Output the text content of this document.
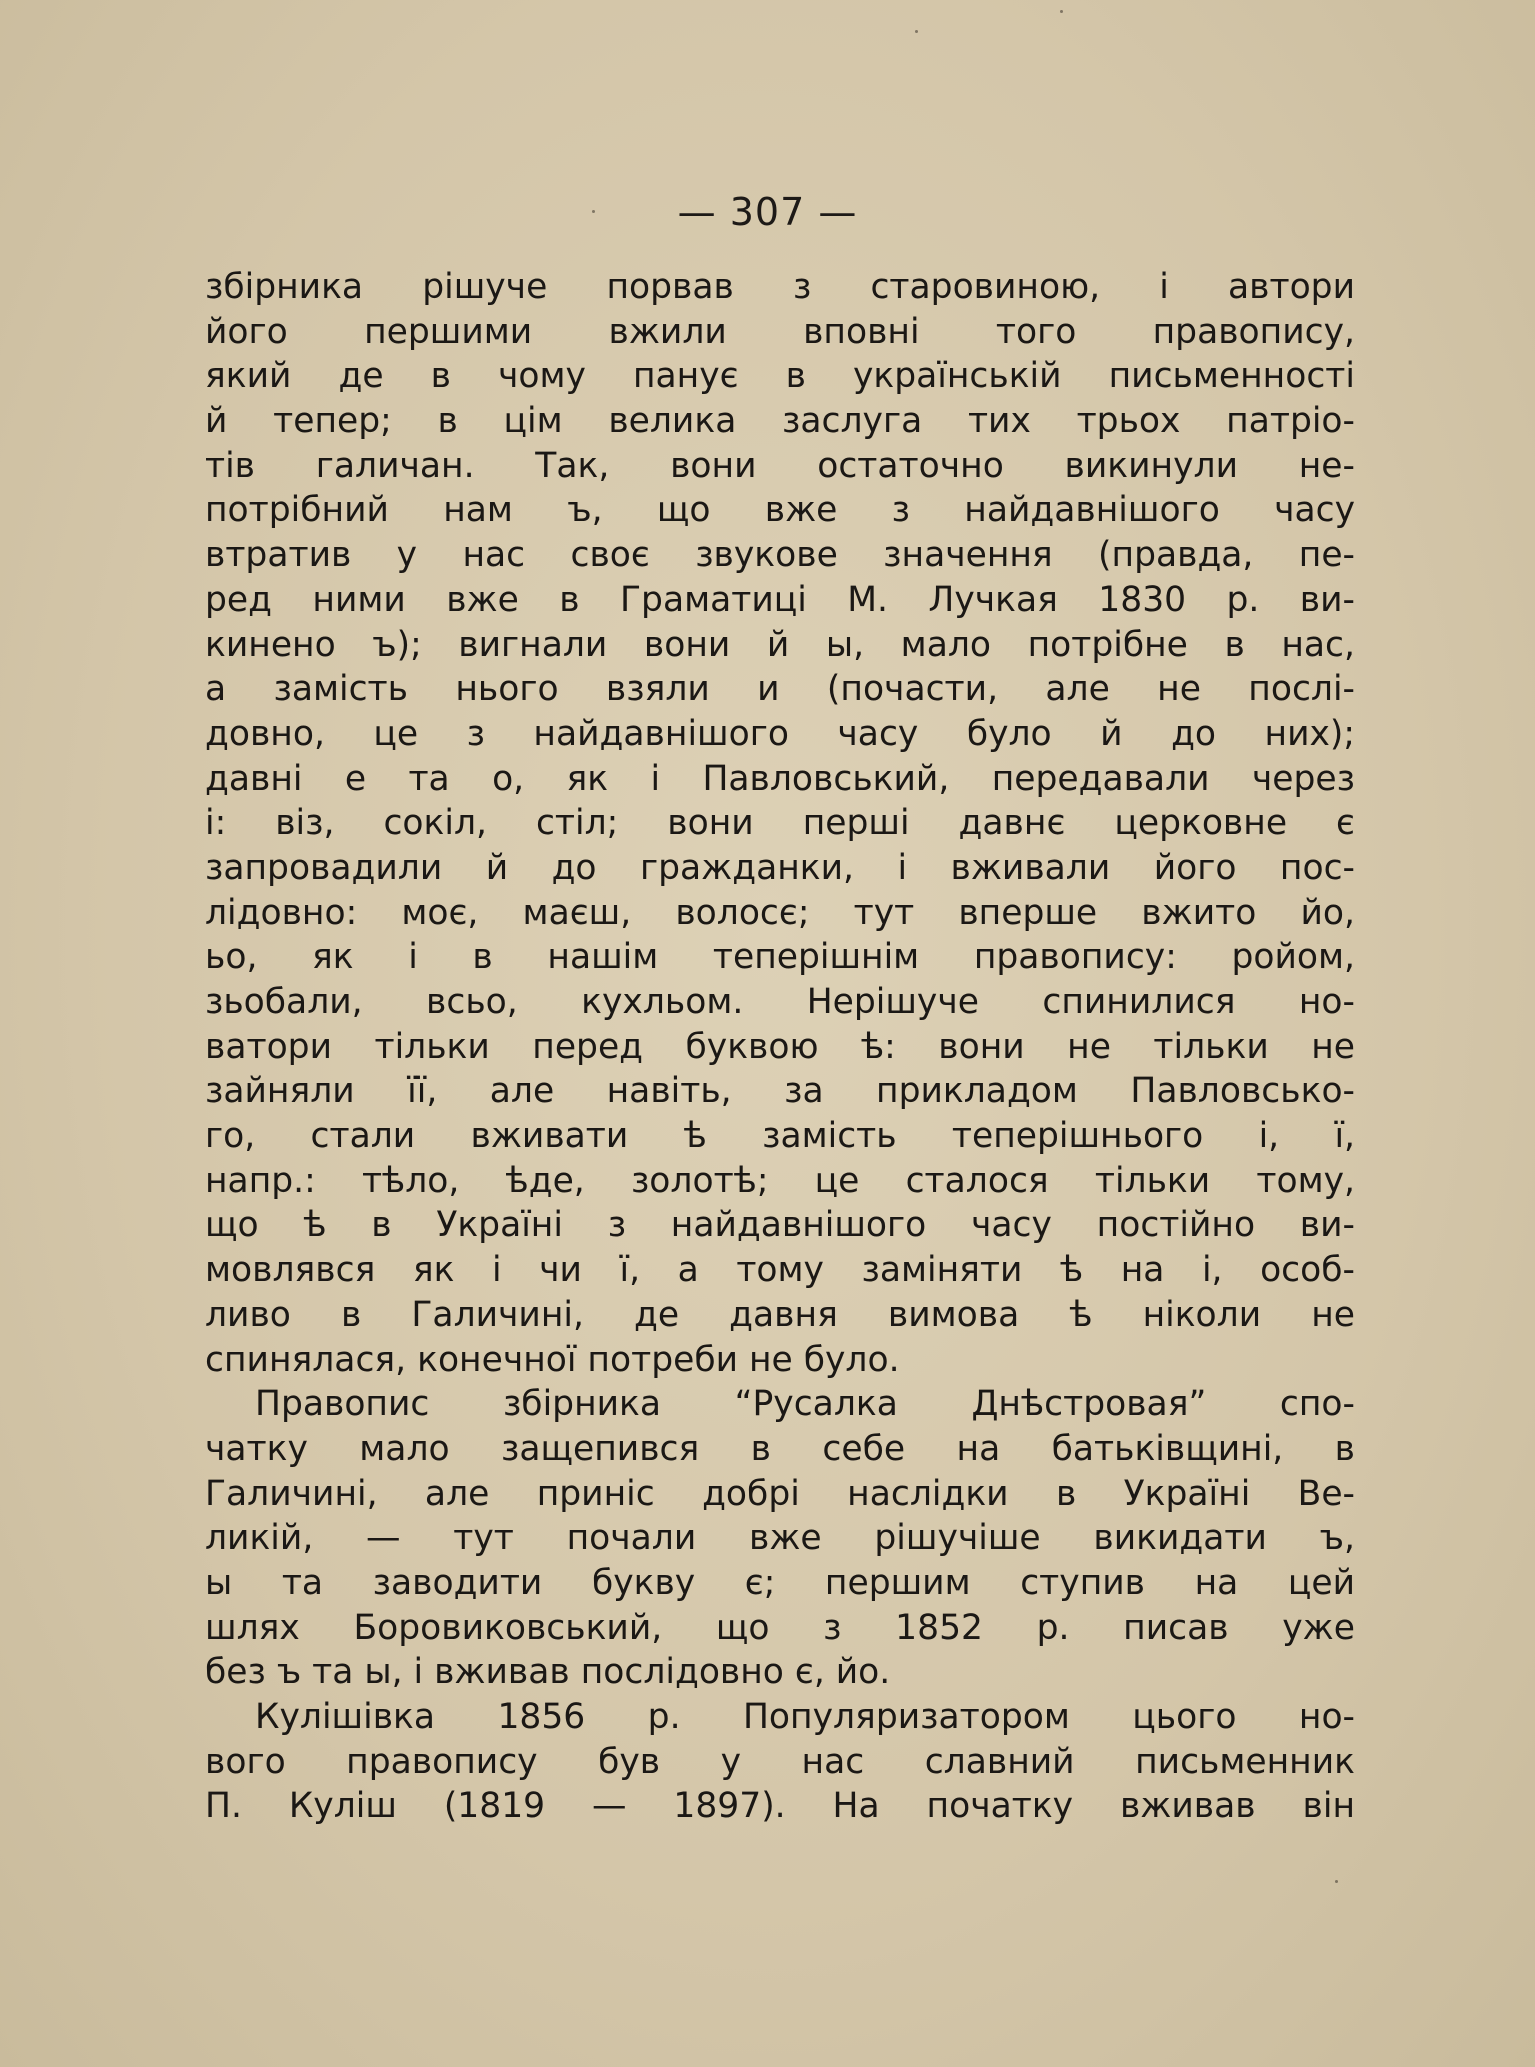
— 307 —
збірника рішуче порвав з старовиною, і автори
його першими вжили вповні того правопису,
який де в чому панує в українській письменності
й тепер; в цім велика заслуга тих трьох патріо-
тів галичан. Так, вони остаточно викинули не-
потрібний нам ъ, що вже з найдавнішого часу
втратив у нас своє звукове значення (правда, пе-
ред ними вже в Граматиці М. Лучкая 1830 р. ви-
кинено ъ); вигнали вони й ы, мало потрібне в нас,
а замість нього взяли и (почасти, але не послі-
довно, це з найдавнішого часу було й до них);
давні е та о, як і Павловський, передавали через
і: віз, сокіл, стіл; вони перші давнє церковне є
запровадили й до гражданки, і вживали його пос-
лідовно: моє, маєш, волосє; тут вперше вжито йо,
ьо, як і в нашім теперішнім правопису: ройом,
зьобали, всьо, кухльом. Нерішуче спинилися но-
ватори тільки перед буквою ѣ: вони не тільки не
зайняли її, але навіть, за прикладом Павловсько-
го, стали вживати ѣ замість теперішнього і, ї,
напр.: тѣло, ѣде, золотѣ; це сталося тільки тому,
що ѣ в Україні з найдавнішого часу постійно ви-
мовлявся як і чи ї, а тому заміняти ѣ на і, особ-
ливо в Галичині, де давня вимова ѣ ніколи не
спинялася, конечної потреби не було.
Правопис збірника “Русалка Днѣстровая” спо-
чатку мало защепився в себе на батьківщині, в
Галичині, але приніс добрі наслідки в Україні Ве-
ликій, — тут почали вже рішучіше викидати ъ,
ы та заводити букву є; першим ступив на цей
шлях Боровиковський, що з 1852 р. писав уже
без ъ та ы, і вживав послідовно є, йо.
Кулішівка 1856 р. Популяризатором цього но-
вого правопису був у нас славний письменник
П. Куліш (1819 — 1897). На початку вживав він
